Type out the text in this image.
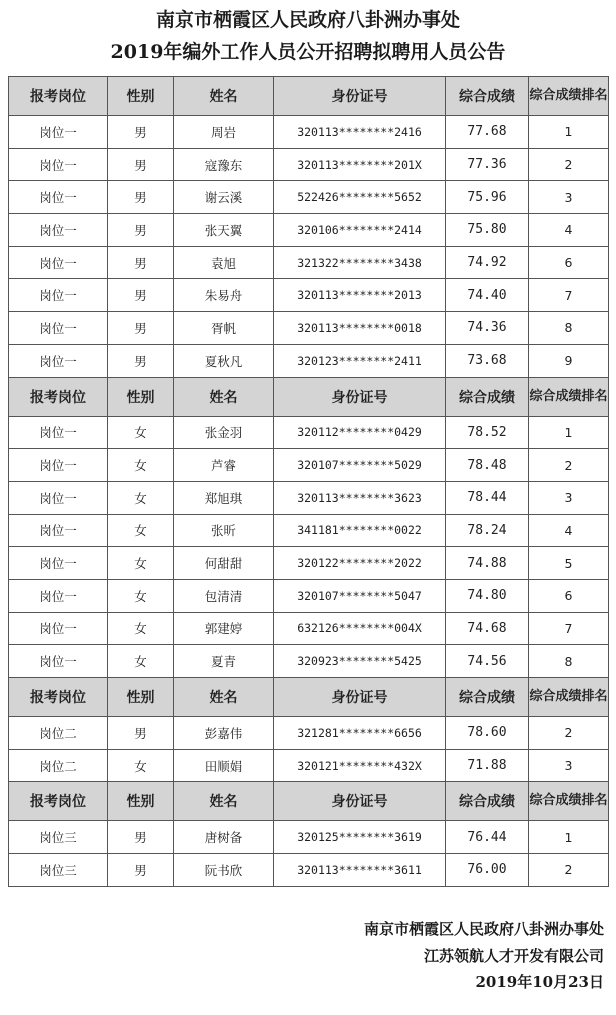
南京市栖霞区人民政府八卦洲办事处
2019年编外工作人员公开招聘拟聘用人员公告
报考岗位	性别	姓名	身份证号	综合成绩	综合成绩排名
岗位一	男	周岩	320113********2416	77.68	1
岗位一	男	寇豫东	320113********201X	77.36	2
岗位一	男	谢云溪	522426********5652	75.96	3
岗位一	男	张天翼	320106********2414	75.80	4
岗位一	男	袁旭	321322********3438	74.92	6
岗位一	男	朱易舟	320113********2013	74.40	7
岗位一	男	胥帆	320113********0018	74.36	8
岗位一	男	夏秋凡	320123********2411	73.68	9
报考岗位	性别	姓名	身份证号	综合成绩	综合成绩排名
岗位一	女	张金羽	320112********0429	78.52	1
岗位一	女	芦睿	320107********5029	78.48	2
岗位一	女	郑旭琪	320113********3623	78.44	3
岗位一	女	张昕	341181********0022	78.24	4
岗位一	女	何甜甜	320122********2022	74.88	5
岗位一	女	包清清	320107********5047	74.80	6
岗位一	女	郭建婷	632126********004X	74.68	7
岗位一	女	夏青	320923********5425	74.56	8
报考岗位	性别	姓名	身份证号	综合成绩	综合成绩排名
岗位二	男	彭嘉伟	321281********6656	78.60	2
岗位二	女	田顺娟	320121********432X	71.88	3
报考岗位	性别	姓名	身份证号	综合成绩	综合成绩排名
岗位三	男	唐树备	320125********3619	76.44	1
岗位三	男	阮书欣	320113********3611	76.00	2
南京市栖霞区人民政府八卦洲办事处
江苏领航人才开发有限公司
2019年10月23日
